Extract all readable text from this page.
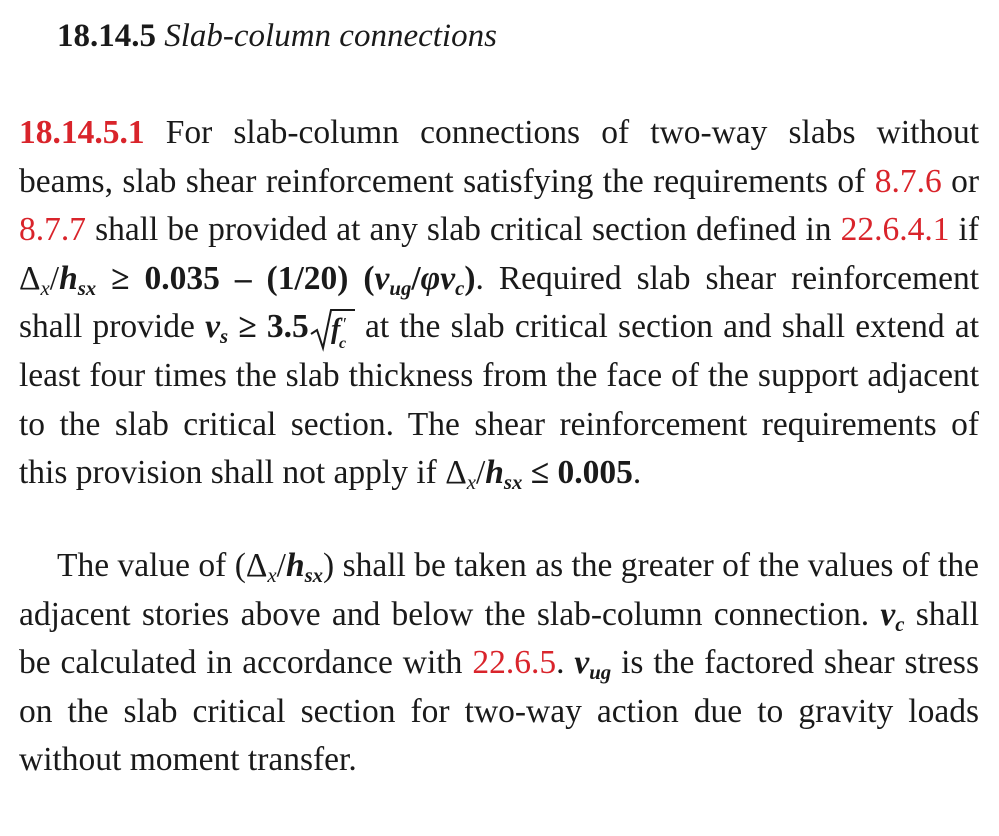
18.14.5 Slab-column connections

18.14.5.1 For slab-column connections of two-way slabs without beams, slab shear reinforcement satisfying the requirements of 8.7.6 or 8.7.7 shall be provided at any slab critical section defined in 22.6.4.1 if $\Delta_x/h_{sx} \ge 0.035 - (1/20)$ $(v_{ug}/\varphi v_c)$. Required slab shear reinforcement shall provide $v_s \ge 3.5$ f ′
c at the slab critical section and shall extend at least four times the slab thickness from the face of the support adjacent to the slab critical section. The shear reinforcement requirements of this provision shall not apply if $\Delta_x/h_{sx} \le 0.005$.

The value of $(\Delta_x/h_{sx})$ shall be taken as the greater of the values of the adjacent stories above and below the slab-column connection. $v_c$ shall be calculated in accordance with 22.6.5. $v_{ug}$ is the factored shear stress on the slab critical section for two-way action due to gravity loads without moment transfer.
